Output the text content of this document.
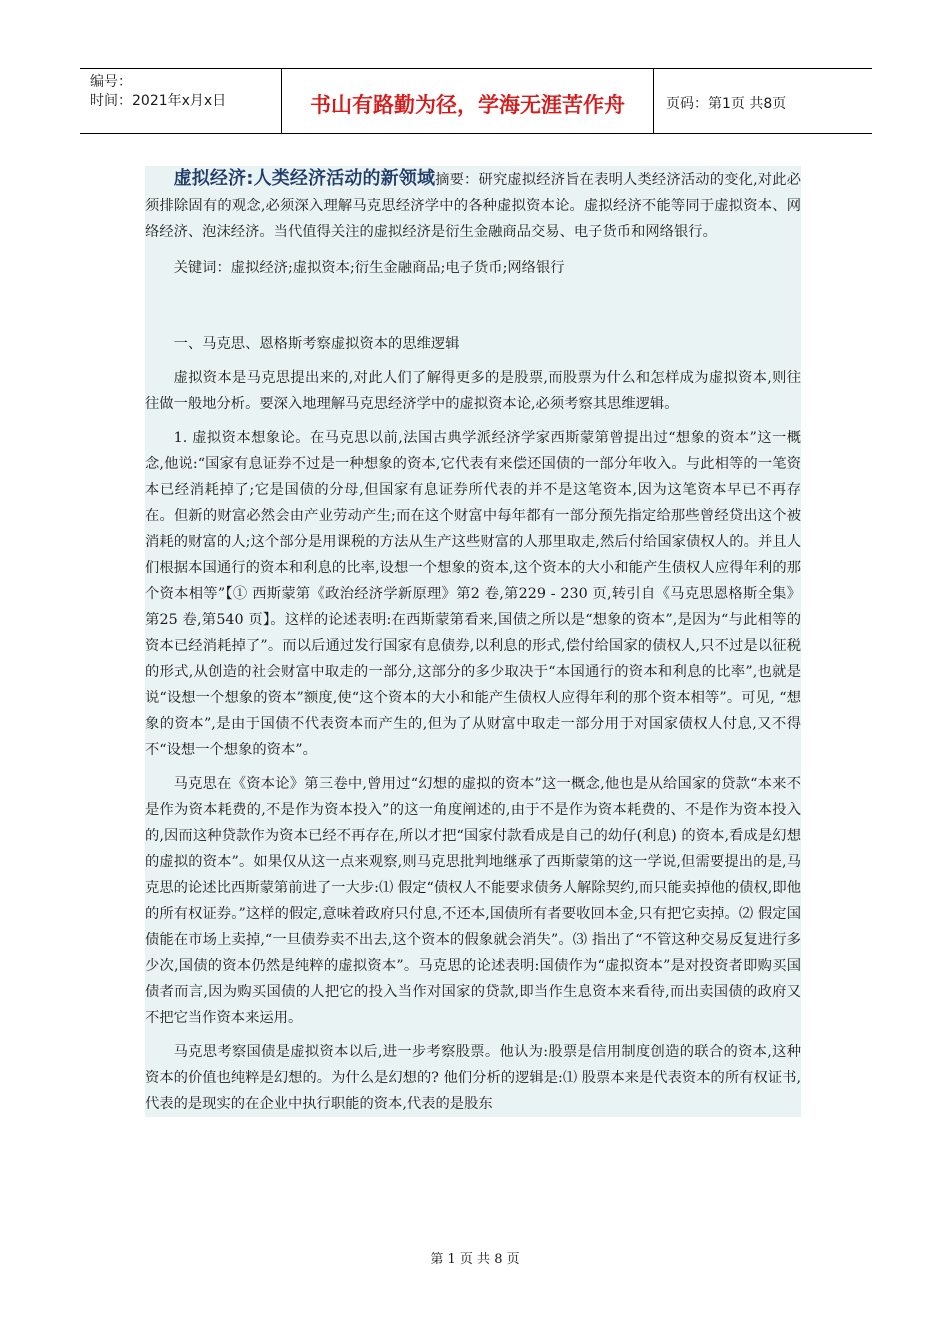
编号：
时间：2021年x月x日	书山有路勤为径，学海无涯苦作舟	页码：第1页 共8页

虚拟经济:人类经济活动的新领域摘要：研究虚拟经济旨在表明人类经济活动的变化,对此必须排除固有的观念,必须深入理解马克思经济学中的各种虚拟资本论。虚拟经济不能等同于虚拟资本、网络经济、泡沫经济。当代值得关注的虚拟经济是衍生金融商品交易、电子货币和网络银行。

关键词：虚拟经济;虚拟资本;衍生金融商品;电子货币;网络银行

一、马克思、恩格斯考察虚拟资本的思维逻辑

虚拟资本是马克思提出来的,对此人们了解得更多的是股票,而股票为什么和怎样成为虚拟资本,则往往做一般地分析。要深入地理解马克思经济学中的虚拟资本论,必须考察其思维逻辑。

1. 虚拟资本想象论。在马克思以前,法国古典学派经济学家西斯蒙第曾提出过“想象的资本”这一概念,他说:“国家有息证券不过是一种想象的资本,它代表有来偿还国债的一部分年收入。与此相等的一笔资本已经消耗掉了;它是国债的分母,但国家有息证券所代表的并不是这笔资本,因为这笔资本早已不再存在。但新的财富必然会由产业劳动产生;而在这个财富中每年都有一部分预先指定给那些曾经贷出这个被消耗的财富的人;这个部分是用课税的方法从生产这些财富的人那里取走,然后付给国家债权人的。并且人们根据本国通行的资本和利息的比率,设想一个想象的资本,这个资本的大小和能产生债权人应得年利的那个资本相等”【① 西斯蒙第《政治经济学新原理》第2 卷,第229 - 230 页,转引自《马克思恩格斯全集》第25 卷,第540 页】。这样的论述表明:在西斯蒙第看来,国债之所以是“想象的资本”,是因为“与此相等的资本已经消耗掉了”。而以后通过发行国家有息债券,以利息的形式,偿付给国家的债权人,只不过是以征税的形式,从创造的社会财富中取走的一部分,这部分的多少取决于“本国通行的资本和利息的比率”,也就是说“设想一个想象的资本”额度,使“这个资本的大小和能产生债权人应得年利的那个资本相等”。可见, “想象的资本”,是由于国债不代表资本而产生的,但为了从财富中取走一部分用于对国家债权人付息,又不得不“设想一个想象的资本”。

马克思在《资本论》第三卷中,曾用过“幻想的虚拟的资本”这一概念,他也是从给国家的贷款“本来不是作为资本耗费的,不是作为资本投入”的这一角度阐述的,由于不是作为资本耗费的、不是作为资本投入的,因而这种贷款作为资本已经不再存在,所以才把“国家付款看成是自己的幼仔(利息) 的资本,看成是幻想的虚拟的资本”。如果仅从这一点来观察,则马克思批判地继承了西斯蒙第的这一学说,但需要提出的是,马克思的论述比西斯蒙第前进了一大步:⑴ 假定“债权人不能要求债务人解除契约,而只能卖掉他的债权,即他的所有权证券。”这样的假定,意味着政府只付息,不还本,国债所有者要收回本金,只有把它卖掉。⑵ 假定国债能在市场上卖掉,“一旦债券卖不出去,这个资本的假象就会消失”。⑶ 指出了“不管这种交易反复进行多少次,国债的资本仍然是纯粹的虚拟资本”。马克思的论述表明:国债作为“虚拟资本”是对投资者即购买国债者而言,因为购买国债的人把它的投入当作对国家的贷款,即当作生息资本来看待,而出卖国债的政府又不把它当作资本来运用。

马克思考察国债是虚拟资本以后,进一步考察股票。他认为:股票是信用制度创造的联合的资本,这种资本的价值也纯粹是幻想的。为什么是幻想的? 他们分析的逻辑是:⑴ 股票本来是代表资本的所有权证书,代表的是现实的在企业中执行职能的资本,代表的是股东

第 1 页 共 8 页
